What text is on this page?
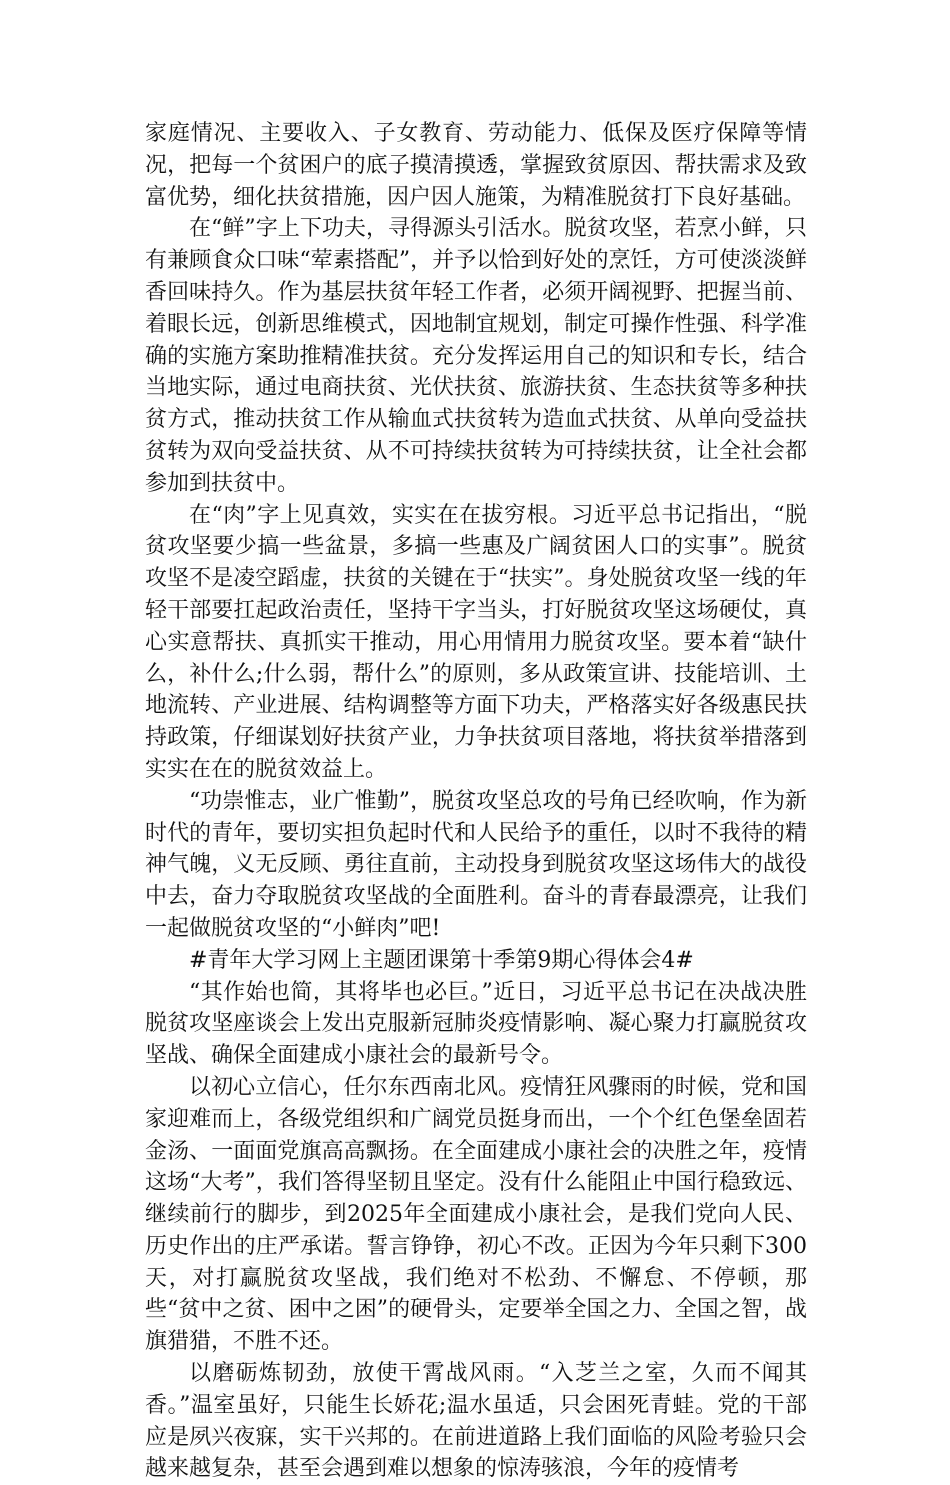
家庭情况、主要收入、子女教育、劳动能力、低保及医疗保障等情况，把每一个贫困户的底子摸清摸透，掌握致贫原因、帮扶需求及致富优势，细化扶贫措施，因户因人施策，为精准脱贫打下良好基础。

在“鲜”字上下功夫，寻得源头引活水。脱贫攻坚，若烹小鲜，只有兼顾食众口味“荤素搭配”，并予以恰到好处的烹饪，方可使淡淡鲜香回味持久。作为基层扶贫年轻工作者，必须开阔视野、把握当前、着眼长远，创新思维模式，因地制宜规划，制定可操作性强、科学准确的实施方案助推精准扶贫。充分发挥运用自己的知识和专长，结合当地实际，通过电商扶贫、光伏扶贫、旅游扶贫、生态扶贫等多种扶贫方式，推动扶贫工作从输血式扶贫转为造血式扶贫、从单向受益扶贫转为双向受益扶贫、从不可持续扶贫转为可持续扶贫，让全社会都参加到扶贫中。

在“肉”字上见真效，实实在在拔穷根。习近平总书记指出，“脱贫攻坚要少搞一些盆景，多搞一些惠及广阔贫困人口的实事”。脱贫攻坚不是凌空蹈虚，扶贫的关键在于“扶实”。身处脱贫攻坚一线的年轻干部要扛起政治责任，坚持干字当头，打好脱贫攻坚这场硬仗，真心实意帮扶、真抓实干推动，用心用情用力脱贫攻坚。要本着“缺什么，补什么;什么弱，帮什么”的原则，多从政策宣讲、技能培训、土地流转、产业进展、结构调整等方面下功夫，严格落实好各级惠民扶持政策，仔细谋划好扶贫产业，力争扶贫项目落地，将扶贫举措落到实实在在的脱贫效益上。

“功崇惟志，业广惟勤”，脱贫攻坚总攻的号角已经吹响，作为新时代的青年，要切实担负起时代和人民给予的重任，以时不我待的精神气魄，义无反顾、勇往直前，主动投身到脱贫攻坚这场伟大的战役中去，奋力夺取脱贫攻坚战的全面胜利。奋斗的青春最漂亮，让我们一起做脱贫攻坚的“小鲜肉”吧!

#青年大学习网上主题团课第十季第9期心得体会4#

“其作始也简，其将毕也必巨。”近日，习近平总书记在决战决胜脱贫攻坚座谈会上发出克服新冠肺炎疫情影响、凝心聚力打赢脱贫攻坚战、确保全面建成小康社会的最新号令。

以初心立信心，任尔东西南北风。疫情狂风骤雨的时候，党和国家迎难而上，各级党组织和广阔党员挺身而出，一个个红色堡垒固若金汤、一面面党旗高高飘扬。在全面建成小康社会的决胜之年，疫情这场“大考”，我们答得坚韧且坚定。没有什么能阻止中国行稳致远、继续前行的脚步，到2025年全面建成小康社会，是我们党向人民、历史作出的庄严承诺。誓言铮铮，初心不改。正因为今年只剩下300天，对打赢脱贫攻坚战，我们绝对不松劲、不懈怠、不停顿，那些“贫中之贫、困中之困”的硬骨头，定要举全国之力、全国之智，战旗猎猎，不胜不还。

以磨砺炼韧劲，放使干霄战风雨。“入芝兰之室，久而不闻其香。”温室虽好，只能生长娇花;温水虽适，只会困死青蛙。党的干部应是夙兴夜寐，实干兴邦的。在前进道路上我们面临的风险考验只会越来越复杂，甚至会遇到难以想象的惊涛骇浪，今年的疫情考
